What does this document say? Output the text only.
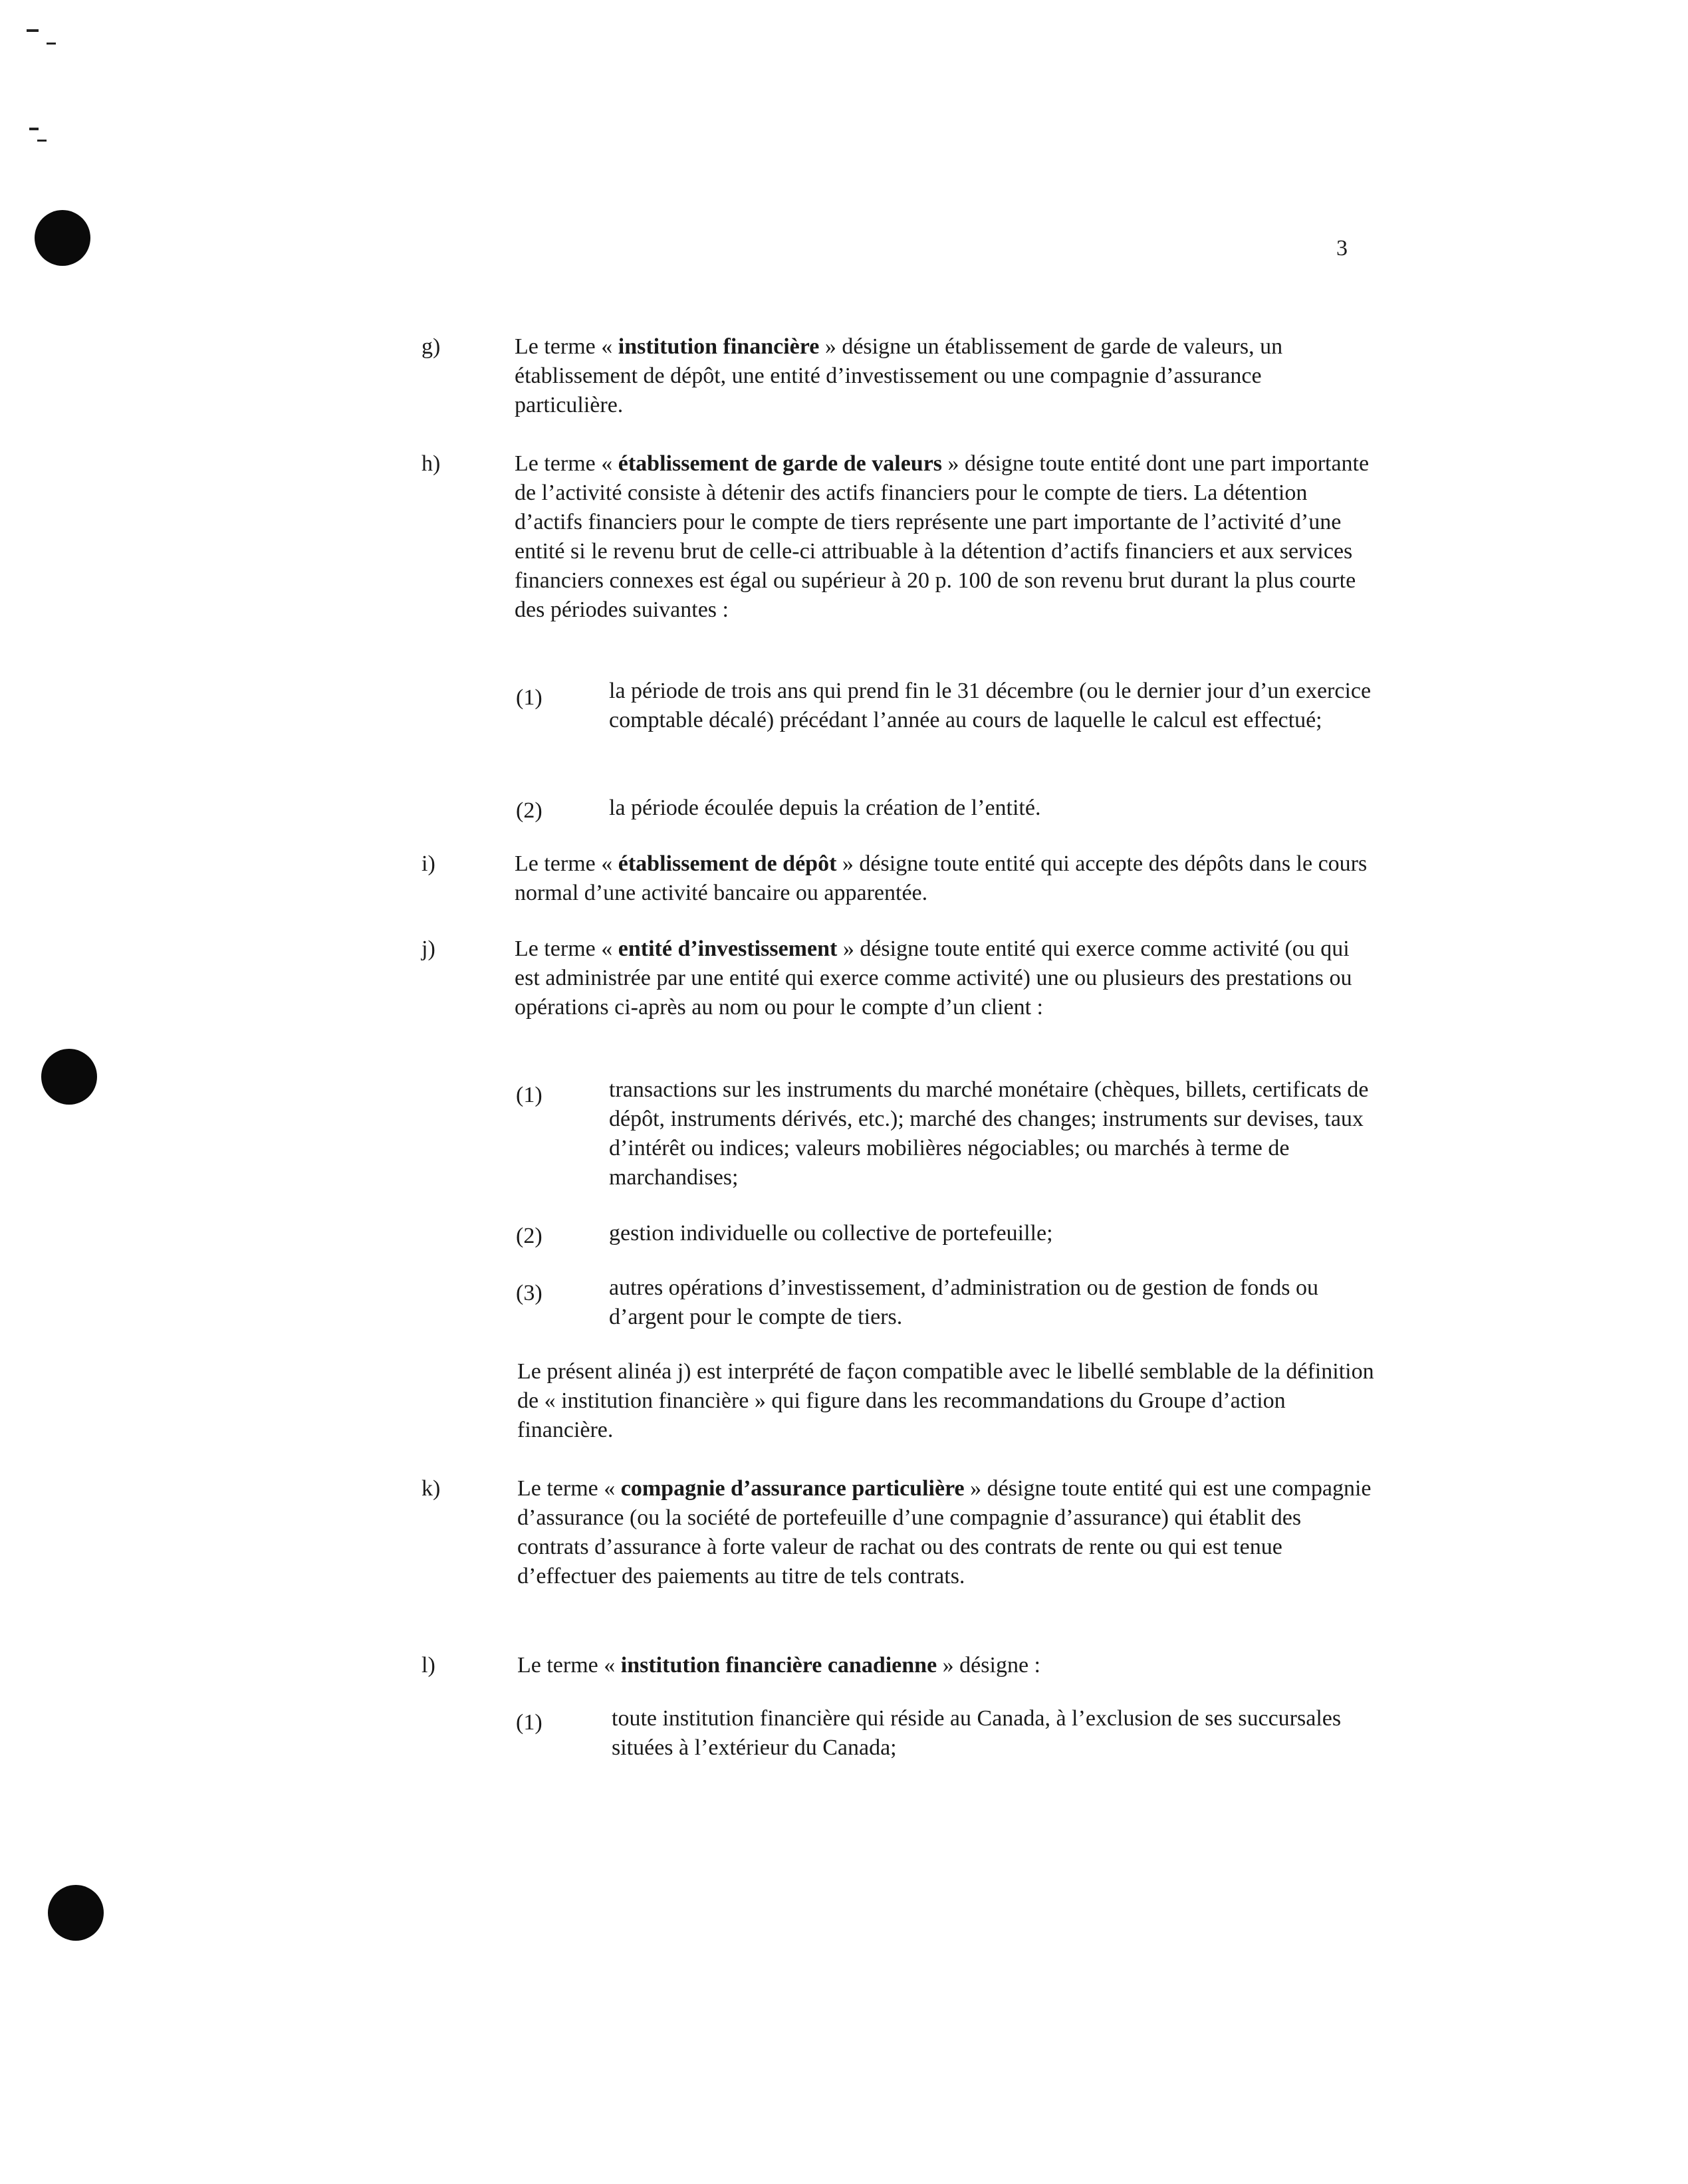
3
g)	Le terme « institution financière » désigne un établissement de garde de valeurs, un établissement de dépôt, une entité d’investissement ou une compagnie d’assurance particulière.
h)	Le terme « établissement de garde de valeurs » désigne toute entité dont une part importante de l’activité consiste à détenir des actifs financiers pour le compte de tiers. La détention d’actifs financiers pour le compte de tiers représente une part importante de l’activité d’une entité si le revenu brut de celle-ci attribuable à la détention d’actifs financiers et aux services financiers connexes est égal ou supérieur à 20 p. 100 de son revenu brut durant la plus courte des périodes suivantes :
(1)	la période de trois ans qui prend fin le 31 décembre (ou le dernier jour d’un exercice comptable décalé) précédant l’année au cours de laquelle le calcul est effectué;
(2)	la période écoulée depuis la création de l’entité.
i)	Le terme « établissement de dépôt » désigne toute entité qui accepte des dépôts dans le cours normal d’une activité bancaire ou apparentée.
j)	Le terme « entité d’investissement » désigne toute entité qui exerce comme activité (ou qui est administrée par une entité qui exerce comme activité) une ou plusieurs des prestations ou opérations ci-après au nom ou pour le compte d’un client :
(1)	transactions sur les instruments du marché monétaire (chèques, billets, certificats de dépôt, instruments dérivés, etc.); marché des changes; instruments sur devises, taux d’intérêt ou indices; valeurs mobilières négociables; ou marchés à terme de marchandises;
(2)	gestion individuelle ou collective de portefeuille;
(3)	autres opérations d’investissement, d’administration ou de gestion de fonds ou d’argent pour le compte de tiers.
Le présent alinéa j) est interprété de façon compatible avec le libellé semblable de la définition de « institution financière » qui figure dans les recommandations du Groupe d’action financière.
k)	Le terme « compagnie d’assurance particulière » désigne toute entité qui est une compagnie d’assurance (ou la société de portefeuille d’une compagnie d’assurance) qui établit des contrats d’assurance à forte valeur de rachat ou des contrats de rente ou qui est tenue d’effectuer des paiements au titre de tels contrats.
l)	Le terme « institution financière canadienne » désigne :
(1)	toute institution financière qui réside au Canada, à l’exclusion de ses succursales situées à l’extérieur du Canada;
